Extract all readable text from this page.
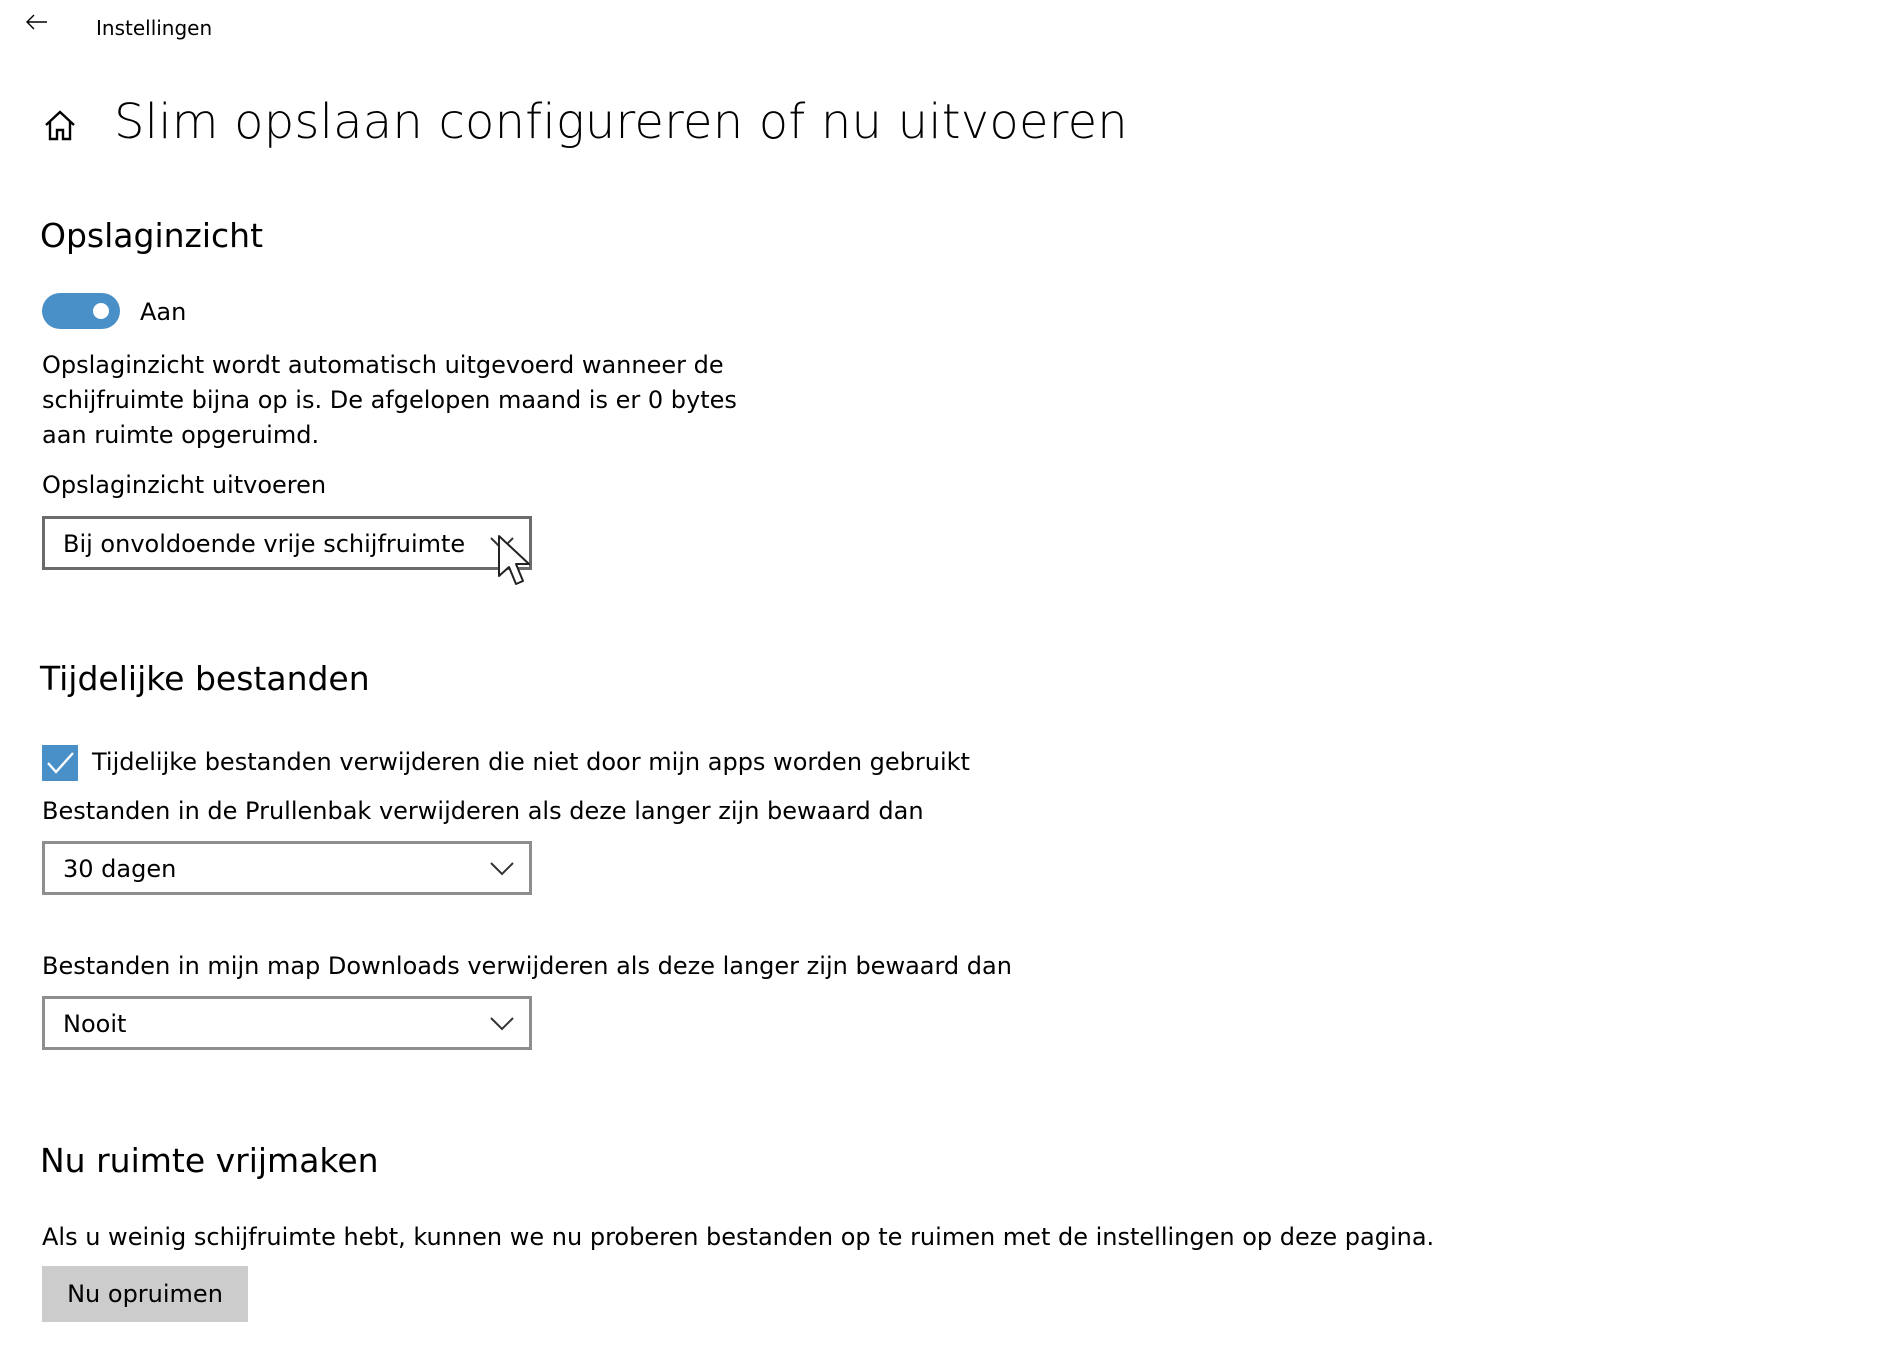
Instellingen
Slim opslaan configureren of nu uitvoeren
Opslaginzicht
Aan
Opslaginzicht wordt automatisch uitgevoerd wanneer de schijfruimte bijna op is. De afgelopen maand is er 0 bytes aan ruimte opgeruimd.
Opslaginzicht uitvoeren
Bij onvoldoende vrije schijfruimte
Tijdelijke bestanden
Tijdelijke bestanden verwijderen die niet door mijn apps worden gebruikt
Bestanden in de Prullenbak verwijderen als deze langer zijn bewaard dan
30 dagen
Bestanden in mijn map Downloads verwijderen als deze langer zijn bewaard dan
Nooit
Nu ruimte vrijmaken
Als u weinig schijfruimte hebt, kunnen we nu proberen bestanden op te ruimen met de instellingen op deze pagina.
Nu opruimen
